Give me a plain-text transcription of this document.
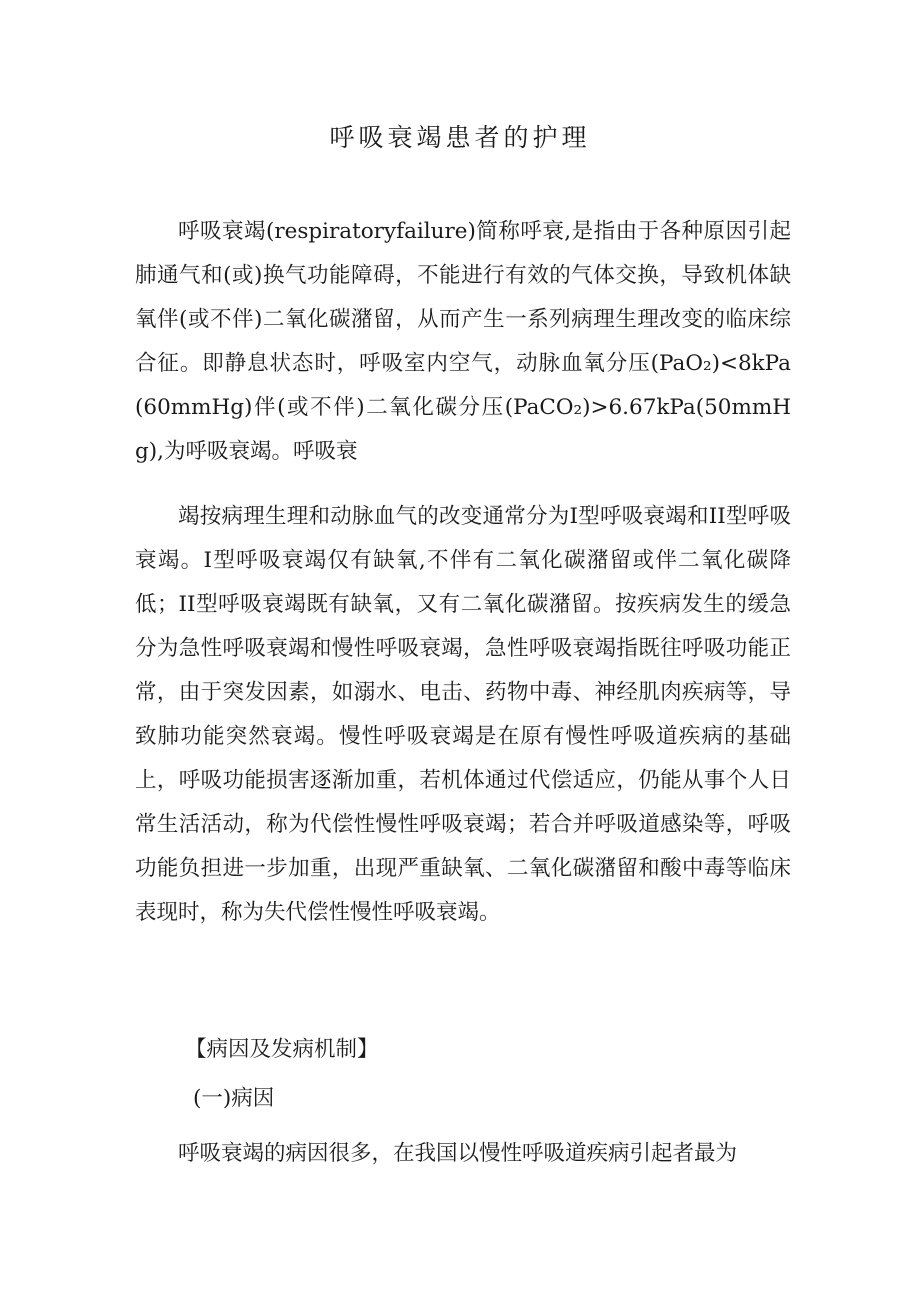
呼吸衰竭患者的护理

呼吸衰竭(respiratoryfailure)简称呼衰,是指由于各种原因引起肺通气和(或)换气功能障碍，不能进行有效的气体交换，导致机体缺氧伴(或不伴)二氧化碳潴留，从而产生一系列病理生理改变的临床综合征。即静息状态时，呼吸室内空气，动脉血氧分压(PaO₂)<8kPa(60mmHg)伴(或不伴)二氧化碳分压(PaCO₂)>6.67kPa(50mmHg),为呼吸衰竭。呼吸衰

竭按病理生理和动脉血气的改变通常分为Ⅰ型呼吸衰竭和II型呼吸衰竭。Ⅰ型呼吸衰竭仅有缺氧,不伴有二氧化碳潴留或伴二氧化碳降低；II型呼吸衰竭既有缺氧，又有二氧化碳潴留。按疾病发生的缓急分为急性呼吸衰竭和慢性呼吸衰竭，急性呼吸衰竭指既往呼吸功能正常，由于突发因素，如溺水、电击、药物中毒、神经肌肉疾病等，导致肺功能突然衰竭。慢性呼吸衰竭是在原有慢性呼吸道疾病的基础上，呼吸功能损害逐渐加重，若机体通过代偿适应，仍能从事个人日常生活活动，称为代偿性慢性呼吸衰竭；若合并呼吸道感染等，呼吸功能负担进一步加重，出现严重缺氧、二氧化碳潴留和酸中毒等临床表现时，称为失代偿性慢性呼吸衰竭。

【病因及发病机制】
(一)病因

呼吸衰竭的病因很多，在我国以慢性呼吸道疾病引起者最为
